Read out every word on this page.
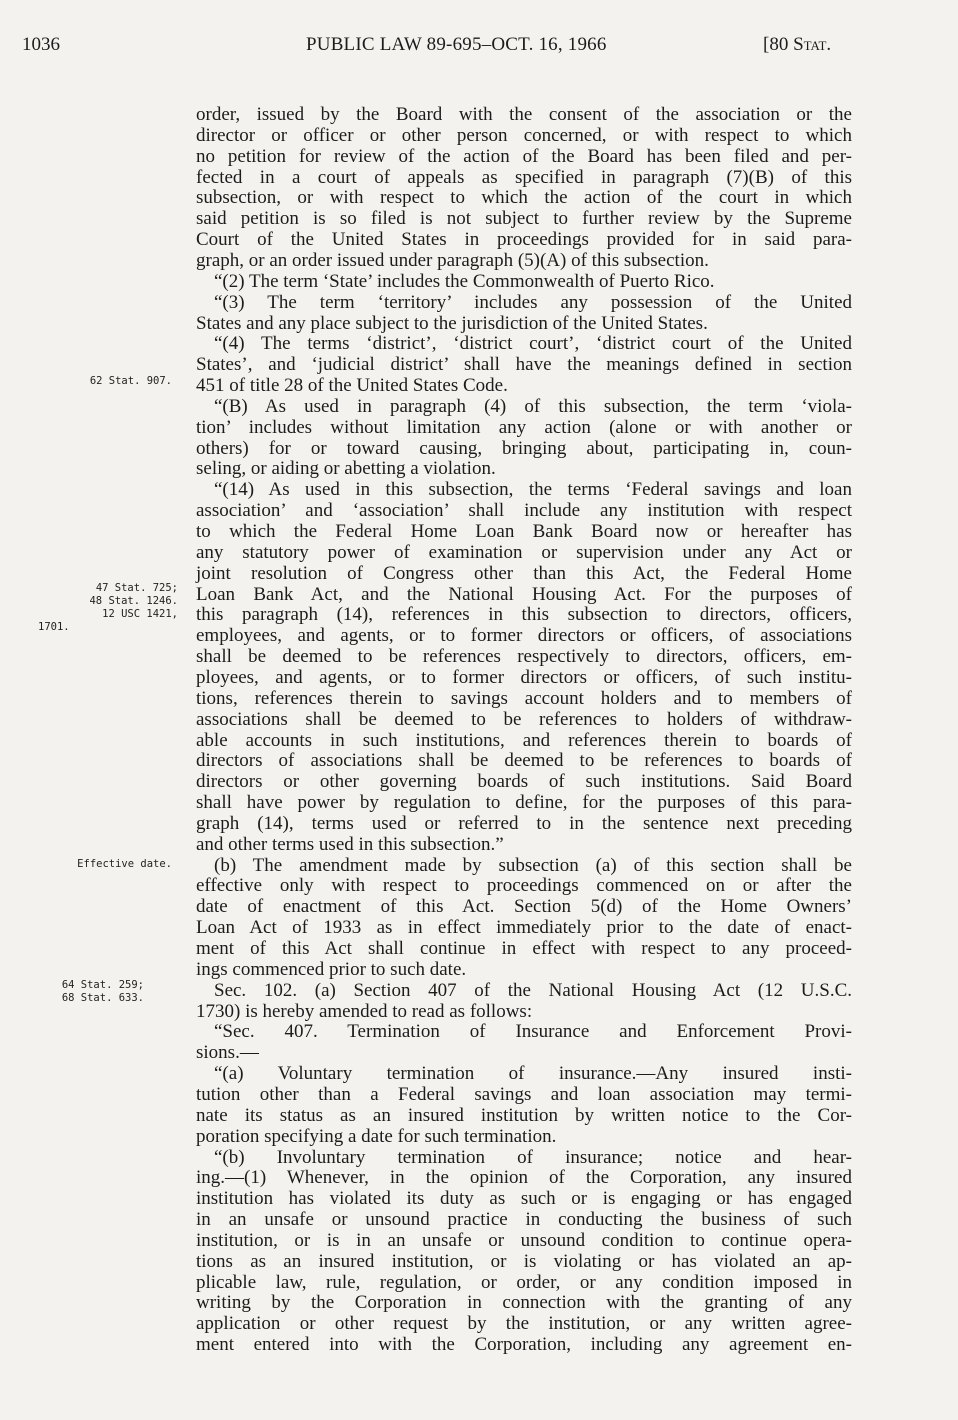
1036	PUBLIC LAW 89-695–OCT. 16, 1966	[80 Stat.
62 Stat. 907.
47 Stat. 725;
48 Stat. 1246.
12 USC 1421,
1701.
Effective date.
64 Stat. 259;
68 Stat. 633.
order, issued by the Board with the consent of the association or the
director or officer or other person concerned, or with respect to which
no petition for review of the action of the Board has been filed and per-
fected in a court of appeals as specified in paragraph (7)(B) of this
subsection, or with respect to which the action of the court in which
said petition is so filed is not subject to further review by the Supreme
Court of the United States in proceedings provided for in said para-
graph, or an order issued under paragraph (5)(A) of this subsection.
“(2) The term ‘State’ includes the Commonwealth of Puerto Rico.
“(3) The term ‘territory’ includes any possession of the United
States and any place subject to the jurisdiction of the United States.
“(4) The terms ‘district’, ‘district court’, ‘district court of the United
States’, and ‘judicial district’ shall have the meanings defined in section
451 of title 28 of the United States Code.
“(B) As used in paragraph (4) of this subsection, the term ‘viola-
tion’ includes without limitation any action (alone or with another or
others) for or toward causing, bringing about, participating in, coun-
seling, or aiding or abetting a violation.
“(14) As used in this subsection, the terms ‘Federal savings and loan
association’ and ‘association’ shall include any institution with respect
to which the Federal Home Loan Bank Board now or hereafter has
any statutory power of examination or supervision under any Act or
joint resolution of Congress other than this Act, the Federal Home
Loan Bank Act, and the National Housing Act. For the purposes of
this paragraph (14), references in this subsection to directors, officers,
employees, and agents, or to former directors or officers, of associations
shall be deemed to be references respectively to directors, officers, em-
ployees, and agents, or to former directors or officers, of such institu-
tions, references therein to savings account holders and to members of
associations shall be deemed to be references to holders of withdraw-
able accounts in such institutions, and references therein to boards of
directors of associations shall be deemed to be references to boards of
directors or other governing boards of such institutions. Said Board
shall have power by regulation to define, for the purposes of this para-
graph (14), terms used or referred to in the sentence next preceding
and other terms used in this subsection.”
(b) The amendment made by subsection (a) of this section shall be
effective only with respect to proceedings commenced on or after the
date of enactment of this Act. Section 5(d) of the Home Owners’
Loan Act of 1933 as in effect immediately prior to the date of enact-
ment of this Act shall continue in effect with respect to any proceed-
ings commenced prior to such date.
Sec. 102. (a) Section 407 of the National Housing Act (12 U.S.C.
1730) is hereby amended to read as follows:
“Sec. 407. Termination of Insurance and Enforcement Provi-
sions.—
“(a) Voluntary termination of insurance.—Any insured insti-
tution other than a Federal savings and loan association may termi-
nate its status as an insured institution by written notice to the Cor-
poration specifying a date for such termination.
“(b) Involuntary termination of insurance; notice and hear-
ing.—(1) Whenever, in the opinion of the Corporation, any insured
institution has violated its duty as such or is engaging or has engaged
in an unsafe or unsound practice in conducting the business of such
institution, or is in an unsafe or unsound condition to continue opera-
tions as an insured institution, or is violating or has violated an ap-
plicable law, rule, regulation, or order, or any condition imposed in
writing by the Corporation in connection with the granting of any
application or other request by the institution, or any written agree-
ment entered into with the Corporation, including any agreement en-
